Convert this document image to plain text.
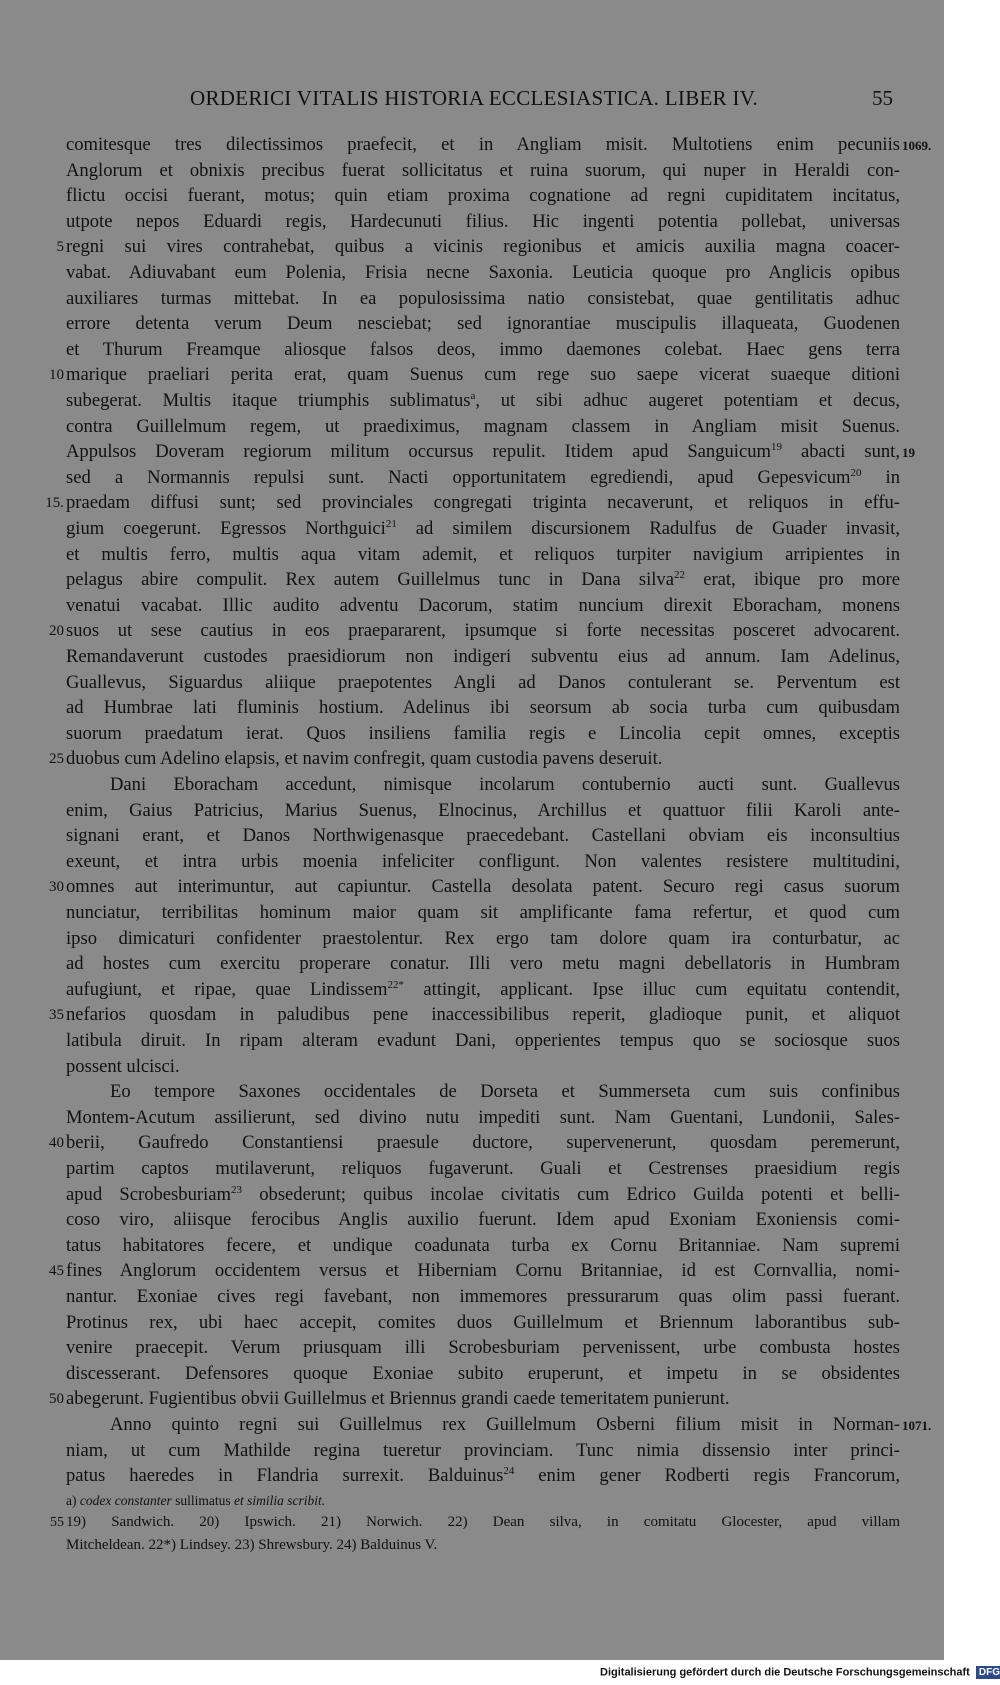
ORDERICI VITALIS HISTORIA ECCLESIASTICA. LIBER IV.	55
comitesque tres dilectissimos praefecit, et in Angliam misit. Multotiens enim pecuniis 1069.
Anglorum et obnixis precibus fuerat sollicitatus et ruina suorum, qui nuper in Heraldi con-
flictu occisi fuerant, motus; quin etiam proxima cognatione ad regni cupiditatem incitatus,
utpote nepos Eduardi regis, Hardecunuti filius. Hic ingenti potentia pollebat, universas
5 regni sui vires contrahebat, quibus a vicinis regionibus et amicis auxilia magna coacer-
vabat. Adiuvabant eum Polenia, Frisia necne Saxonia. Leuticia quoque pro Anglicis opibus
auxiliares turmas mittebat. In ea populosissima natio consistebat, quae gentilitatis adhuc
errore detenta verum Deum nesciebat; sed ignorantiae muscipulis illaqueata, Guodenen
et Thurum Freamque aliosque falsos deos, immo daemones colebat. Haec gens terra
10 marique praeliari perita erat, quam Suenus cum rege suo saepe vicerat suaeque ditioni
subegerat. Multis itaque triumphis sublimatus$^a$, ut sibi adhuc augeret potentiam et decus,
contra Guillelmum regem, ut praediximus, magnam classem in Angliam misit Suenus.
Appulsos Doveram regiorum militum occursus repulit. Itidem apud Sanguicum$^{19}$ abacti sunt, 19
sed a Normannis repulsi sunt. Nacti opportunitatem egrediendi, apud Gepesvicum$^{20}$ in
15. praedam diffusi sunt; sed provinciales congregati triginta necaverunt, et reliquos in effu-
gium coegerunt. Egressos Northguici$^{21}$ ad similem discursionem Radulfus de Guader invasit,
et multis ferro, multis aqua vitam ademit, et reliquos turpiter navigium arripientes in
pelagus abire compulit. Rex autem Guillelmus tunc in Dana silva$^{22}$ erat, ibique pro more
venatui vacabat. Illic audito adventu Dacorum, statim nuncium direxit Eboracham, monens
20 suos ut sese cautius in eos praepararent, ipsumque si forte necessitas posceret advocarent.
Remandaverunt custodes praesidiorum non indigeri subventu eius ad annum. Iam Adelinus,
Guallevus, Siguardus aliique praepotentes Angli ad Danos contulerant se. Perventum est
ad Humbrae lati fluminis hostium. Adelinus ibi seorsum ab socia turba cum quibusdam
suorum praedatum ierat. Quos insiliens familia regis e Lincolia cepit omnes, exceptis
25 duobus cum Adelino elapsis, et navim confregit, quam custodia pavens deseruit.
Dani Eboracham accedunt, nimisque incolarum contubernio aucti sunt. Guallevus
enim, Gaius Patricius, Marius Suenus, Elnocinus, Archillus et quattuor filii Karoli ante-
signani erant, et Danos Northwigenasque praecedebant. Castellani obviam eis inconsultius
exeunt, et intra urbis moenia infeliciter confligunt. Non valentes resistere multitudini,
30 omnes aut interimuntur, aut capiuntur. Castella desolata patent. Securo regi casus suorum
nunciatur, terribilitas hominum maior quam sit amplificante fama refertur, et quod cum
ipso dimicaturi confidenter praestolentur. Rex ergo tam dolore quam ira conturbatur, ac
ad hostes cum exercitu properare conatur. Illi vero metu magni debellatoris in Humbram
aufugiunt, et ripae, quae Lindissem$^{22*}$ attingit, applicant. Ipse illuc cum equitatu contendit,
35 nefarios quosdam in paludibus pene inaccessibilibus reperit, gladioque punit, et aliquot
latibula diruit. In ripam alteram evadunt Dani, opperientes tempus quo se sociosque suos
possent ulcisci.
Eo tempore Saxones occidentales de Dorseta et Summerseta cum suis confinibus
Montem-Acutum assilierunt, sed divino nutu impediti sunt. Nam Guentani, Lundonii, Sales-
40 berii, Gaufredo Constantiensi praesule ductore, supervenerunt, quosdam peremerunt,
partim captos mutilaverunt, reliquos fugaverunt. Guali et Cestrenses praesidium regis
apud Scrobesburiam$^{23}$ obsederunt; quibus incolae civitatis cum Edrico Guilda potenti et belli-
coso viro, aliisque ferocibus Anglis auxilio fuerunt. Idem apud Exoniam Exoniensis comi-
tatus habitatores fecere, et undique coadunata turba ex Cornu Britanniae. Nam supremi
45 fines Anglorum occidentem versus et Hiberniam Cornu Britanniae, id est Cornvallia, nomi-
nantur. Exoniae cives regi favebant, non immemores pressurarum quas olim passi fuerant.
Protinus rex, ubi haec accepit, comites duos Guillelmum et Briennum laborantibus sub-
venire praecepit. Verum priusquam illi Scrobesburiam pervenissent, urbe combusta hostes
discesserant. Defensores quoque Exoniae subito eruperunt, et impetu in se obsidentes
50 abegerunt. Fugientibus obvii Guillelmus et Briennus grandi caede temeritatem punierunt.
Anno quinto regni sui Guillelmus rex Guillelmum Osberni filium misit in Norman- 1071.
niam, ut cum Mathilde regina tueretur provinciam. Tunc nimia dissensio inter princi-
patus haeredes in Flandria surrexit. Balduinus$^{24}$ enim gener Rodberti regis Francorum,
a) codex constanter sullimatus et similia scribit.
55 19) Sandwich. 20) Ipswich. 21) Norwich. 22) Dean silva, in comitatu Glocester, apud villam
Mitcheldean. 22*) Lindsey. 23) Shrewsbury. 24) Balduinus V.
Digitalisierung gefördert durch die Deutsche Forschungsgemeinschaft DFG
